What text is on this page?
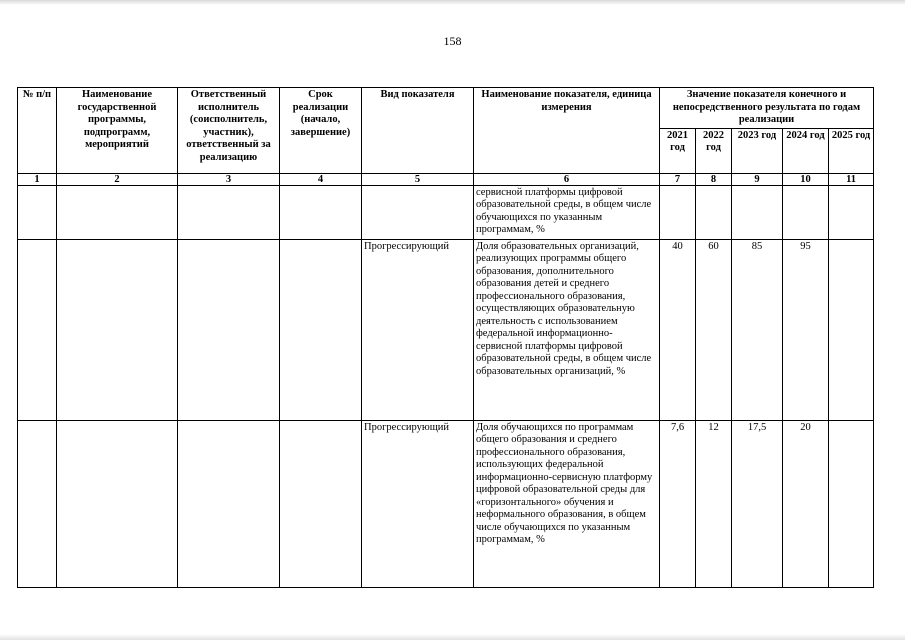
158
№ п/п	Наименование государственной программы, подпрограмм, мероприятий	Ответственный исполнитель (соисполнитель, участник), ответственный за реализацию	Срок реализации (начало, завершение)	Вид показателя	Наименование показателя, единица измерения	Значение показателя конечного и непосредственного результата по годам реализации				
						2021 год	2022 год	2023 год	2024 год	2025 год
1	2	3	4	5	6	7	8	9	10	11
					сервисной платформы цифровой образовательной среды, в общем числе обучающихся по указанным программам, %					
				Прогрессирующий	Доля образовательных организаций, реализующих программы общего образования, дополнительного образования детей и среднего профессионального образования, осуществляющих образовательную деятельность с использованием федеральной информационно-сервисной платформы цифровой образовательной среды, в общем числе образовательных организаций, %	40	60	85	95	
				Прогрессирующий	Доля обучающихся по программам общего образования и среднего профессионального образования, использующих федеральной информационно-сервисную платформу цифровой образовательной среды для «горизонтального» обучения и неформального образования, в общем числе обучающихся по указанным программам, %	7,6	12	17,5	20	
